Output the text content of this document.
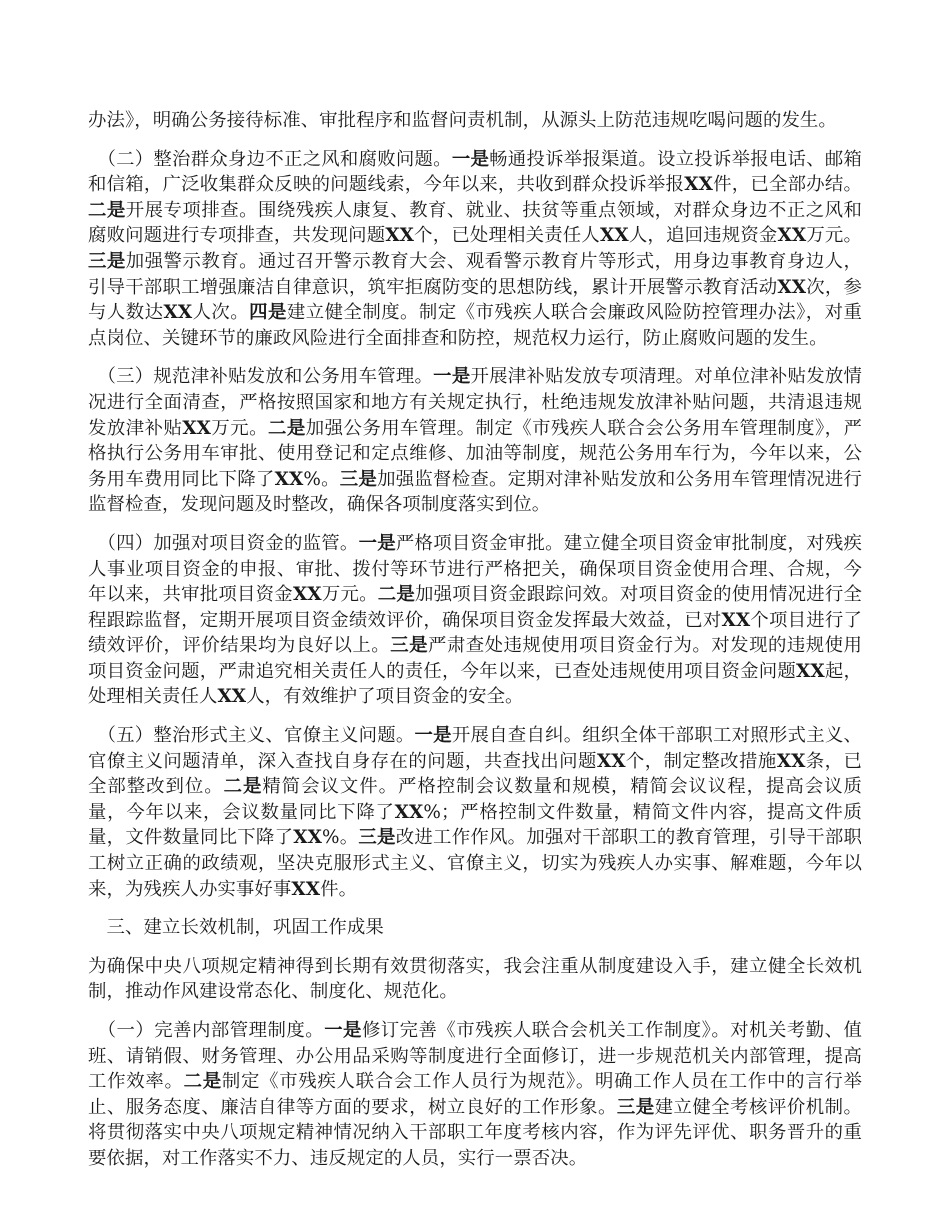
办法》，明确公务接待标准、审批程序和监督问责机制，从源头上防范违规吃喝问题的发生。

　（二）整治群众身边不正之风和腐败问题。一是畅通投诉举报渠道。设立投诉举报电话、邮箱和信箱，广泛收集群众反映的问题线索，今年以来，共收到群众投诉举报XX件，已全部办结。二是开展专项排查。围绕残疾人康复、教育、就业、扶贫等重点领域，对群众身边不正之风和腐败问题进行专项排查，共发现问题XX个，已处理相关责任人XX人，追回违规资金XX万元。三是加强警示教育。通过召开警示教育大会、观看警示教育片等形式，用身边事教育身边人，引导干部职工增强廉洁自律意识，筑牢拒腐防变的思想防线，累计开展警示教育活动XX次，参与人数达XX人次。四是建立健全制度。制定《市残疾人联合会廉政风险防控管理办法》，对重点岗位、关键环节的廉政风险进行全面排查和防控，规范权力运行，防止腐败问题的发生。

　（三）规范津补贴发放和公务用车管理。一是开展津补贴发放专项清理。对单位津补贴发放情况进行全面清查，严格按照国家和地方有关规定执行，杜绝违规发放津补贴问题，共清退违规发放津补贴XX万元。二是加强公务用车管理。制定《市残疾人联合会公务用车管理制度》，严格执行公务用车审批、使用登记和定点维修、加油等制度，规范公务用车行为，今年以来，公务用车费用同比下降了XX%。三是加强监督检查。定期对津补贴发放和公务用车管理情况进行监督检查，发现问题及时整改，确保各项制度落实到位。

　（四）加强对项目资金的监管。一是严格项目资金审批。建立健全项目资金审批制度，对残疾人事业项目资金的申报、审批、拨付等环节进行严格把关，确保项目资金使用合理、合规，今年以来，共审批项目资金XX万元。二是加强项目资金跟踪问效。对项目资金的使用情况进行全程跟踪监督，定期开展项目资金绩效评价，确保项目资金发挥最大效益，已对XX个项目进行了绩效评价，评价结果均为良好以上。三是严肃查处违规使用项目资金行为。对发现的违规使用项目资金问题，严肃追究相关责任人的责任，今年以来，已查处违规使用项目资金问题XX起，处理相关责任人XX人，有效维护了项目资金的安全。

　（五）整治形式主义、官僚主义问题。一是开展自查自纠。组织全体干部职工对照形式主义、官僚主义问题清单，深入查找自身存在的问题，共查找出问题XX个，制定整改措施XX条，已全部整改到位。二是精简会议文件。严格控制会议数量和规模，精简会议议程，提高会议质量，今年以来，会议数量同比下降了XX%；严格控制文件数量，精简文件内容，提高文件质量，文件数量同比下降了XX%。三是改进工作作风。加强对干部职工的教育管理，引导干部职工树立正确的政绩观，坚决克服形式主义、官僚主义，切实为残疾人办实事、解难题，今年以来，为残疾人办实事好事XX件。

　三、建立长效机制，巩固工作成果

为确保中央八项规定精神得到长期有效贯彻落实，我会注重从制度建设入手，建立健全长效机制，推动作风建设常态化、制度化、规范化。

　（一）完善内部管理制度。一是修订完善《市残疾人联合会机关工作制度》。对机关考勤、值班、请销假、财务管理、办公用品采购等制度进行全面修订，进一步规范机关内部管理，提高工作效率。二是制定《市残疾人联合会工作人员行为规范》。明确工作人员在工作中的言行举止、服务态度、廉洁自律等方面的要求，树立良好的工作形象。三是建立健全考核评价机制。将贯彻落实中央八项规定精神情况纳入干部职工年度考核内容，作为评先评优、职务晋升的重要依据，对工作落实不力、违反规定的人员，实行一票否决。
